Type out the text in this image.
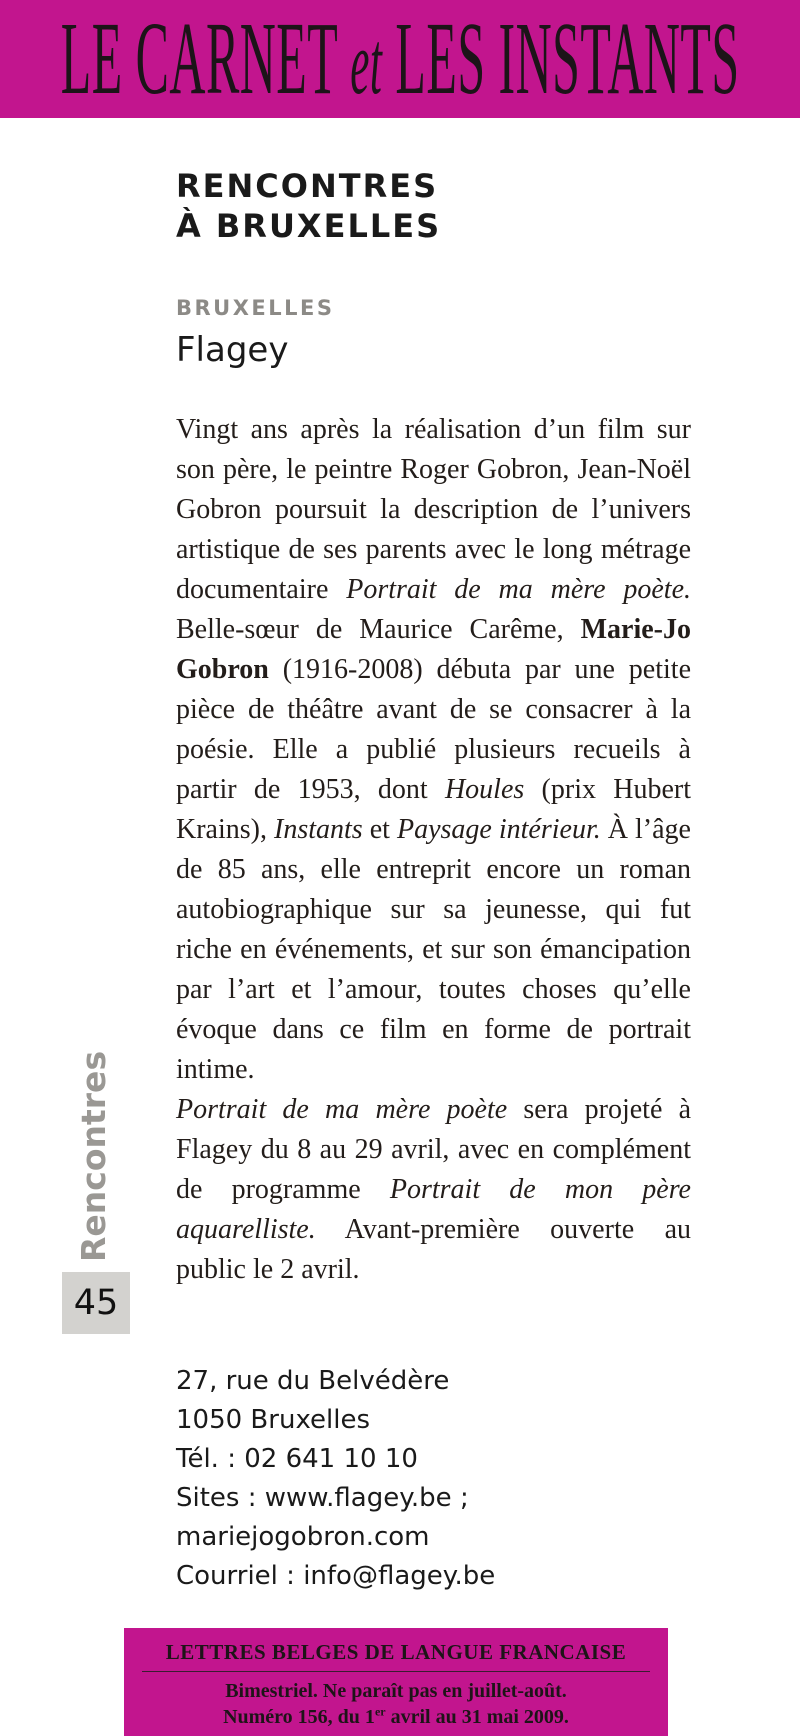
LE CARNET et LES INSTANTS
RENCONTRES
À BRUXELLES
BRUXELLES
Flagey

Vingt ans après la réalisation d’un film sur son père, le peintre Roger Gobron, Jean-Noël Gobron poursuit la description de l’univers artistique de ses parents avec le long métrage documentaire Portrait de ma mère poète. Belle-sœur de Maurice Carême, Marie-Jo Gobron (1916-2008) débuta par une petite pièce de théâtre avant de se consacrer à la poésie. Elle a publié plusieurs recueils à partir de 1953, dont Houles (prix Hubert Krains), Instants et Paysage intérieur. À l’âge de 85 ans, elle entreprit encore un roman autobiographique sur sa jeunesse, qui fut riche en événements, et sur son émancipation par l’art et l’amour, toutes choses qu’elle évoque dans ce film en forme de portrait intime.

Portrait de ma mère poète sera projeté à Flagey du 8 au 29 avril, avec en complément de programme Portrait de mon père aquarelliste. Avant-première ouverte au public le 2 avril.

Rencontres
45
27, rue du Belvédère
1050 Bruxelles
Tél. : 02 641 10 10
Sites : www.flagey.be ;
mariejogobron.com
Courriel : info@flagey.be
LETTRES BELGES DE LANGUE FRANCAISE
Bimestriel. Ne paraît pas en juillet-août.
Numéro 156, du 1er avril au 31 mai 2009.
